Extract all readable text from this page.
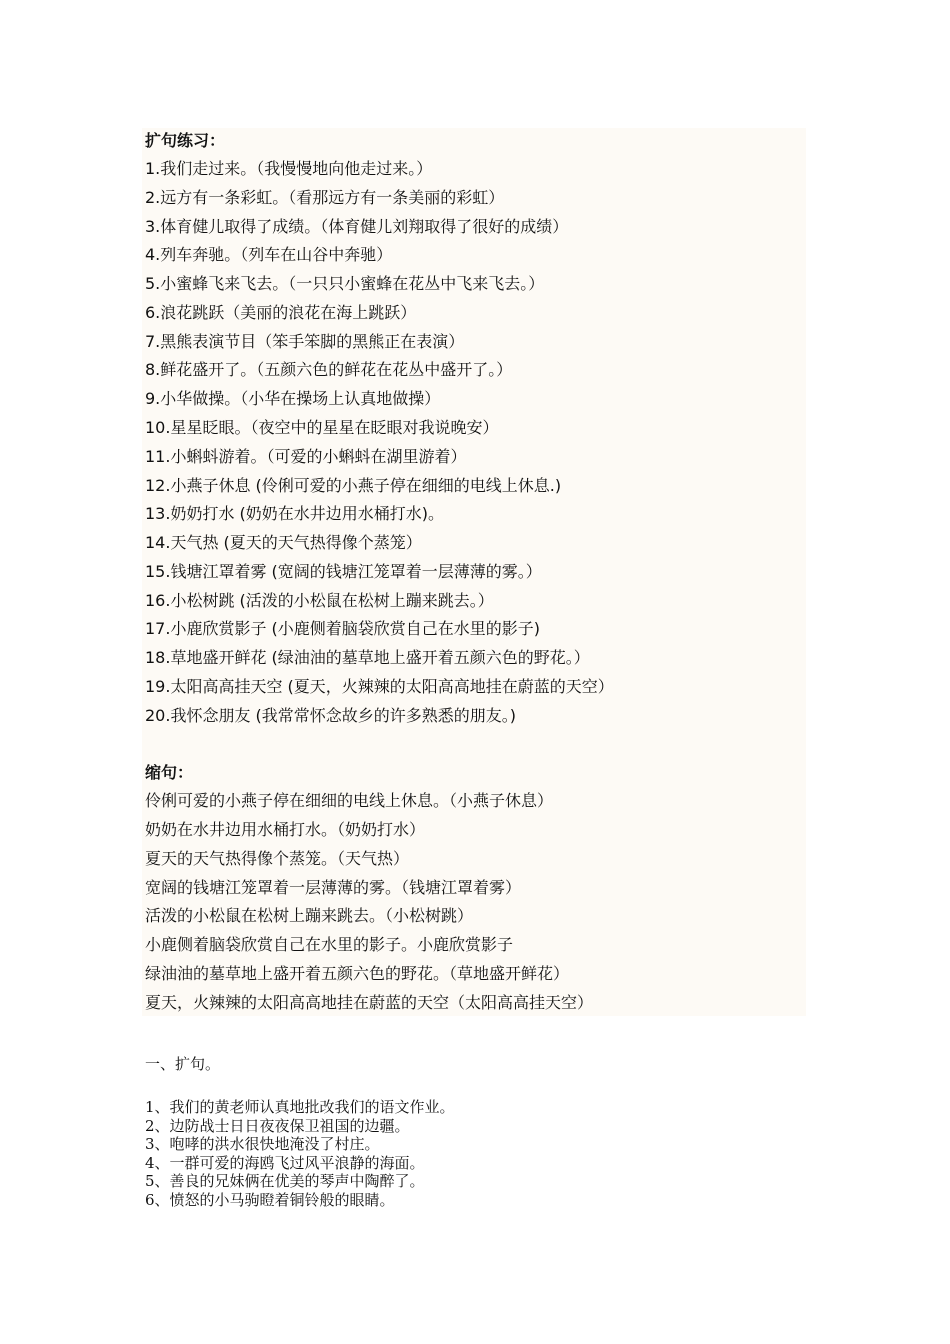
扩句练习：
1.我们走过来。（我慢慢地向他走过来。）
2.远方有一条彩虹。（看那远方有一条美丽的彩虹）
3.体育健儿取得了成绩。（体育健儿刘翔取得了很好的成绩）
4.列车奔驰。（列车在山谷中奔驰）
5.小蜜蜂飞来飞去。（一只只小蜜蜂在花丛中飞来飞去。）
6.浪花跳跃（美丽的浪花在海上跳跃）
7.黑熊表演节目（笨手笨脚的黑熊正在表演）
8.鲜花盛开了。（五颜六色的鲜花在花丛中盛开了。）
9.小华做操。（小华在操场上认真地做操）
10.星星眨眼。（夜空中的星星在眨眼对我说晚安）
11.小蝌蚪游着。（可爱的小蝌蚪在湖里游着）
12.小燕子休息 (伶俐可爱的小燕子停在细细的电线上休息.)
13.奶奶打水 (奶奶在水井边用水桶打水)。
14.天气热 (夏天的天气热得像个蒸笼）
15.钱塘江罩着雾 (宽阔的钱塘江笼罩着一层薄薄的雾。）
16.小松树跳 (活泼的小松鼠在松树上蹦来跳去。）
17.小鹿欣赏影子 (小鹿侧着脑袋欣赏自己在水里的影子)
18.草地盛开鲜花 (绿油油的墓草地上盛开着五颜六色的野花。）
19.太阳高高挂天空 (夏天，火辣辣的太阳高高地挂在蔚蓝的天空）
20.我怀念朋友 (我常常怀念故乡的许多熟悉的朋友。)
缩句：
伶俐可爱的小燕子停在细细的电线上休息。（小燕子休息）
奶奶在水井边用水桶打水。（奶奶打水）
夏天的天气热得像个蒸笼。（天气热）
宽阔的钱塘江笼罩着一层薄薄的雾。（钱塘江罩着雾）
活泼的小松鼠在松树上蹦来跳去。（小松树跳）
小鹿侧着脑袋欣赏自己在水里的影子。小鹿欣赏影子
绿油油的墓草地上盛开着五颜六色的野花。（草地盛开鲜花）
夏天，火辣辣的太阳高高地挂在蔚蓝的天空（太阳高高挂天空）
一、扩句。
1、我们的黄老师认真地批改我们的语文作业。
2、边防战士日日夜夜保卫祖国的边疆。
3、咆哮的洪水很快地淹没了村庄。
4、一群可爱的海鸥飞过风平浪静的海面。
5、善良的兄妹俩在优美的琴声中陶醉了。
6、愤怒的小马驹瞪着铜铃般的眼睛。
